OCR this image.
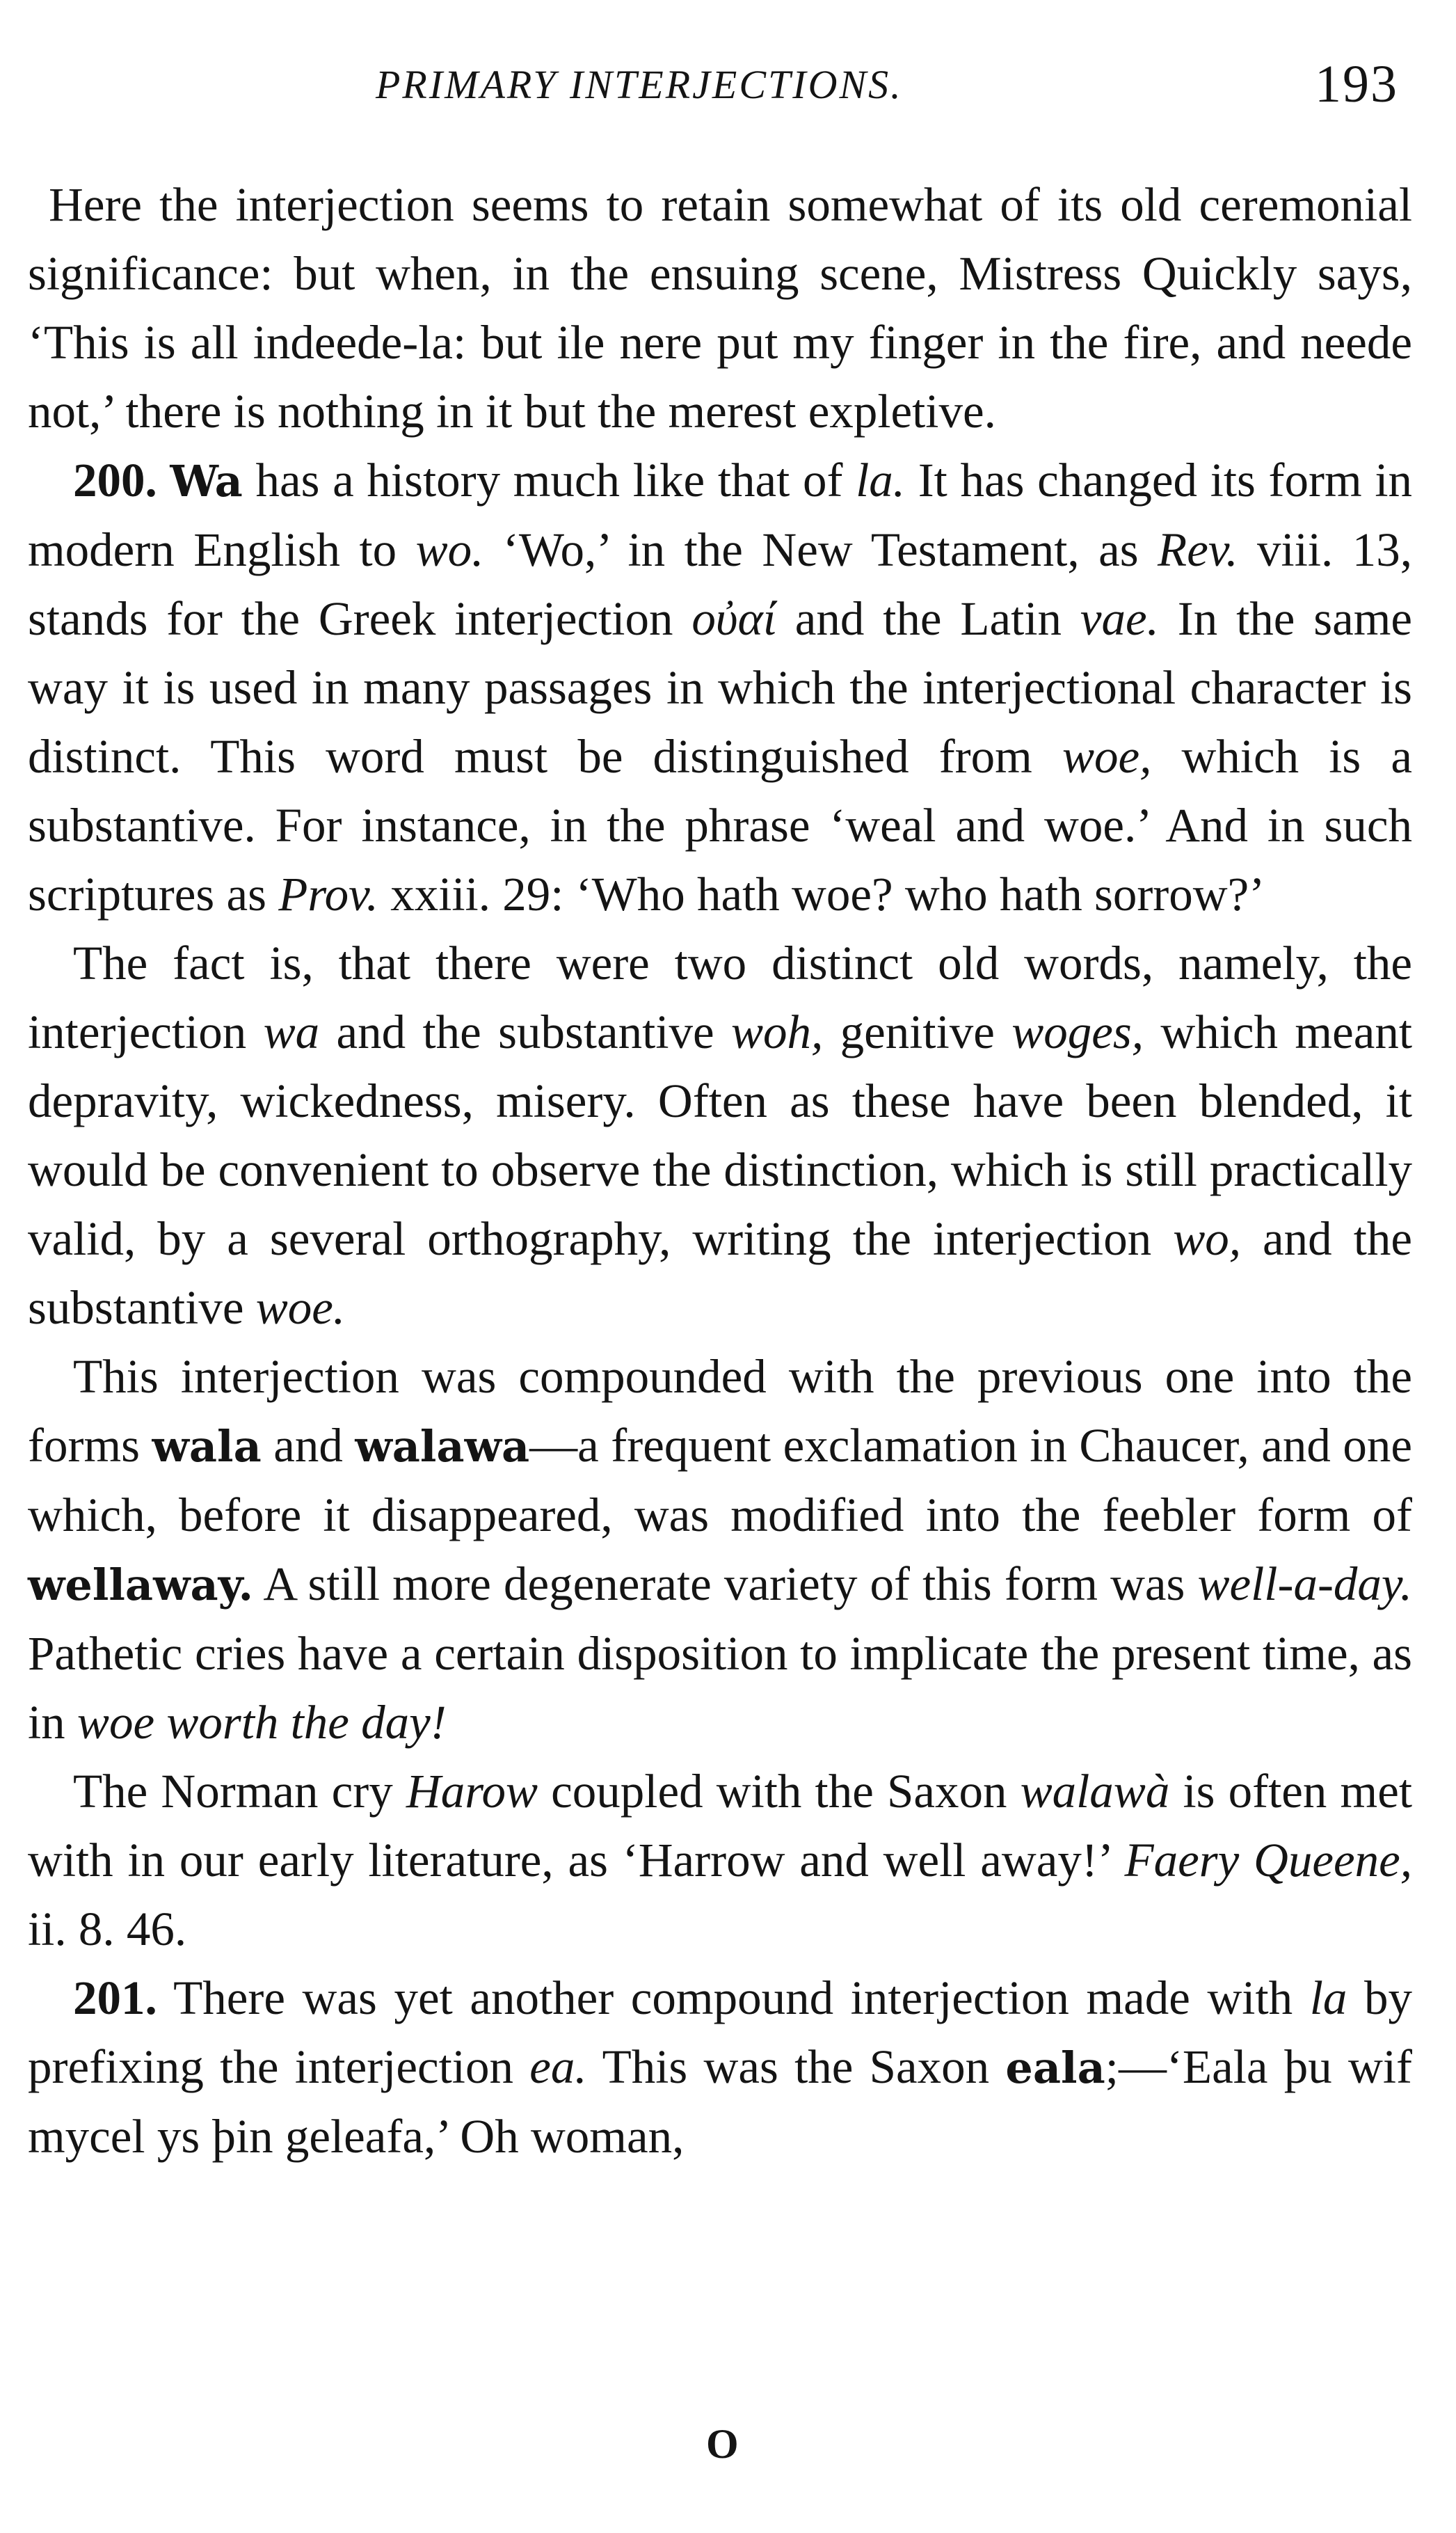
PRIMARY INTERJECTIONS.	193

Here the interjection seems to retain somewhat of its old ceremonial significance: but when, in the ensuing scene, Mistress Quickly says, ‘This is all indeede-la: but ile nere put my finger in the fire, and neede not,’ there is nothing in it but the merest expletive.

200. Wa has a history much like that of la. It has changed its form in modern English to wo. ‘Wo,’ in the New Testament, as Rev. viii. 13, stands for the Greek interjection οὐαί and the Latin vae. In the same way it is used in many passages in which the interjectional character is distinct. This word must be distinguished from woe, which is a substantive. For instance, in the phrase ‘weal and woe.’ And in such scriptures as Prov. xxiii. 29: ‘Who hath woe? who hath sorrow?’

The fact is, that there were two distinct old words, namely, the interjection wa and the substantive woh, genitive woges, which meant depravity, wickedness, misery. Often as these have been blended, it would be convenient to observe the distinction, which is still practically valid, by a several orthography, writing the interjection wo, and the substantive woe.

This interjection was compounded with the previous one into the forms wala and walawa—a frequent exclamation in Chaucer, and one which, before it disappeared, was modified into the feebler form of wellaway. A still more degenerate variety of this form was well-a-day. Pathetic cries have a certain disposition to implicate the present time, as in woe worth the day!

The Norman cry Harow coupled with the Saxon walawà is often met with in our early literature, as ‘Harrow and well away!’ Faery Queene, ii. 8. 46.

201. There was yet another compound interjection made with la by prefixing the interjection ea. This was the Saxon eala;—‘Eala þu wif mycel ys þin geleafa,’ Oh woman,

O
